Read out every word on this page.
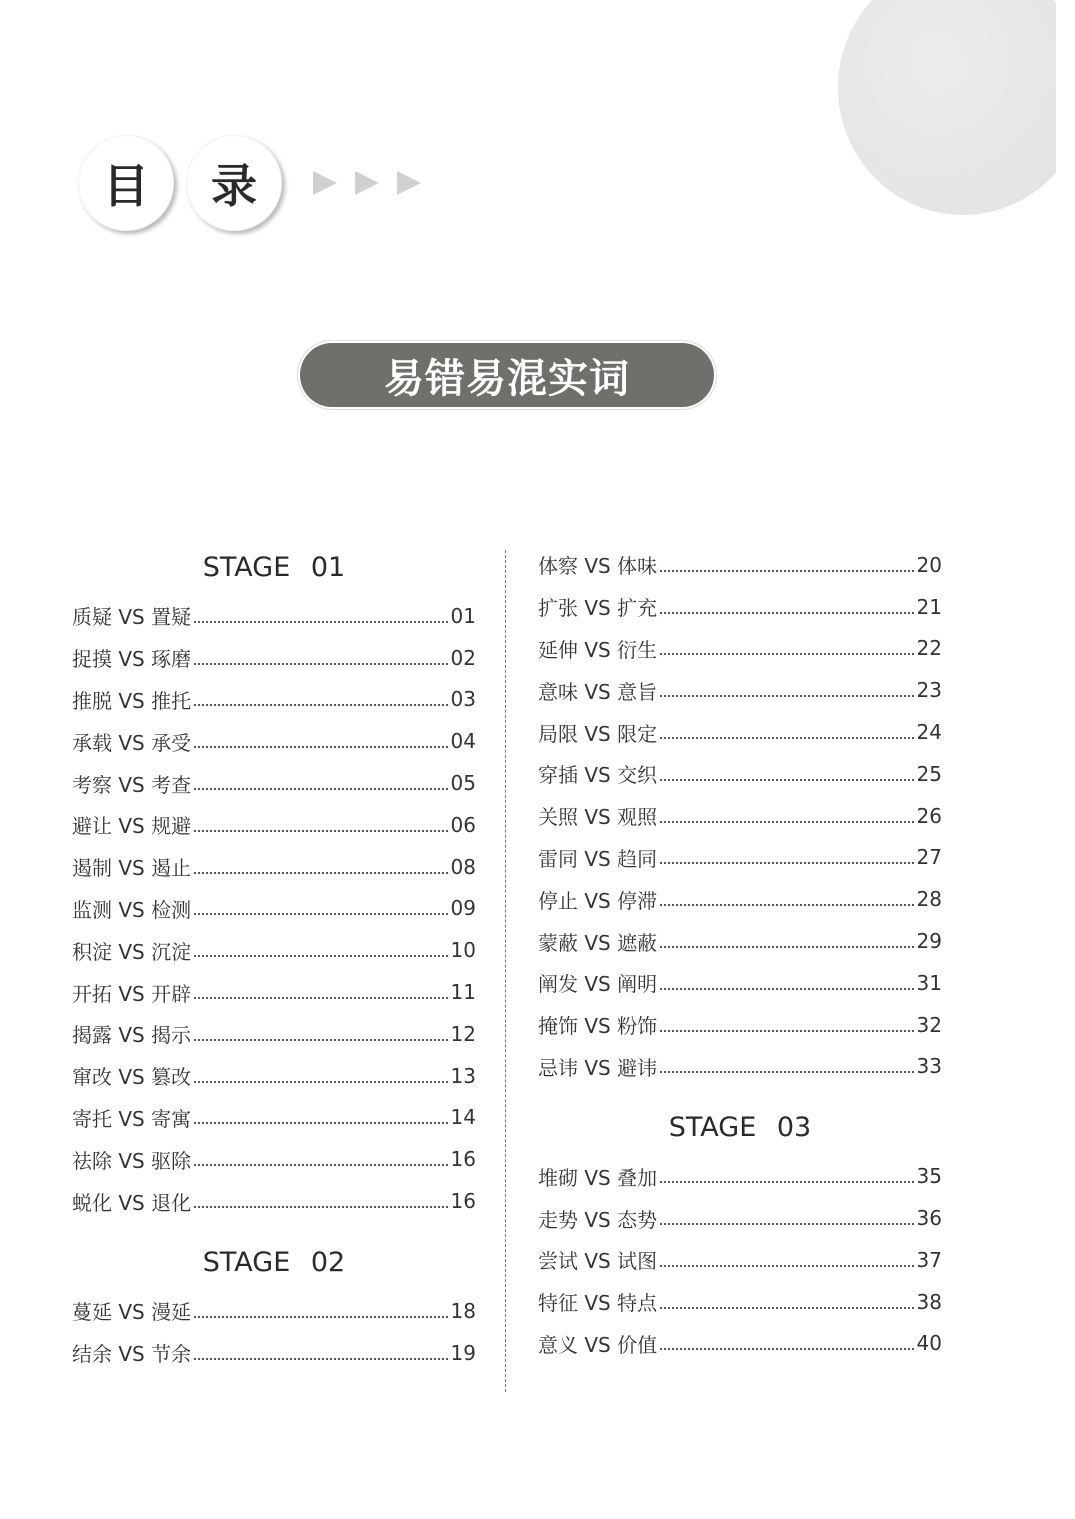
目	录
易错易混实词
STAGE 01
质疑 VS 置疑	01
捉摸 VS 琢磨	02
推脱 VS 推托	03
承载 VS 承受	04
考察 VS 考查	05
避让 VS 规避	06
遏制 VS 遏止	08
监测 VS 检测	09
积淀 VS 沉淀	10
开拓 VS 开辟	11
揭露 VS 揭示	12
窜改 VS 篡改	13
寄托 VS 寄寓	14
祛除 VS 驱除	16
蜕化 VS 退化	16
STAGE 02
蔓延 VS 漫延	18
结余 VS 节余	19
体察 VS 体味	20
扩张 VS 扩充	21
延伸 VS 衍生	22
意味 VS 意旨	23
局限 VS 限定	24
穿插 VS 交织	25
关照 VS 观照	26
雷同 VS 趋同	27
停止 VS 停滞	28
蒙蔽 VS 遮蔽	29
阐发 VS 阐明	31
掩饰 VS 粉饰	32
忌讳 VS 避讳	33
STAGE 03
堆砌 VS 叠加	35
走势 VS 态势	36
尝试 VS 试图	37
特征 VS 特点	38
意义 VS 价值	40
